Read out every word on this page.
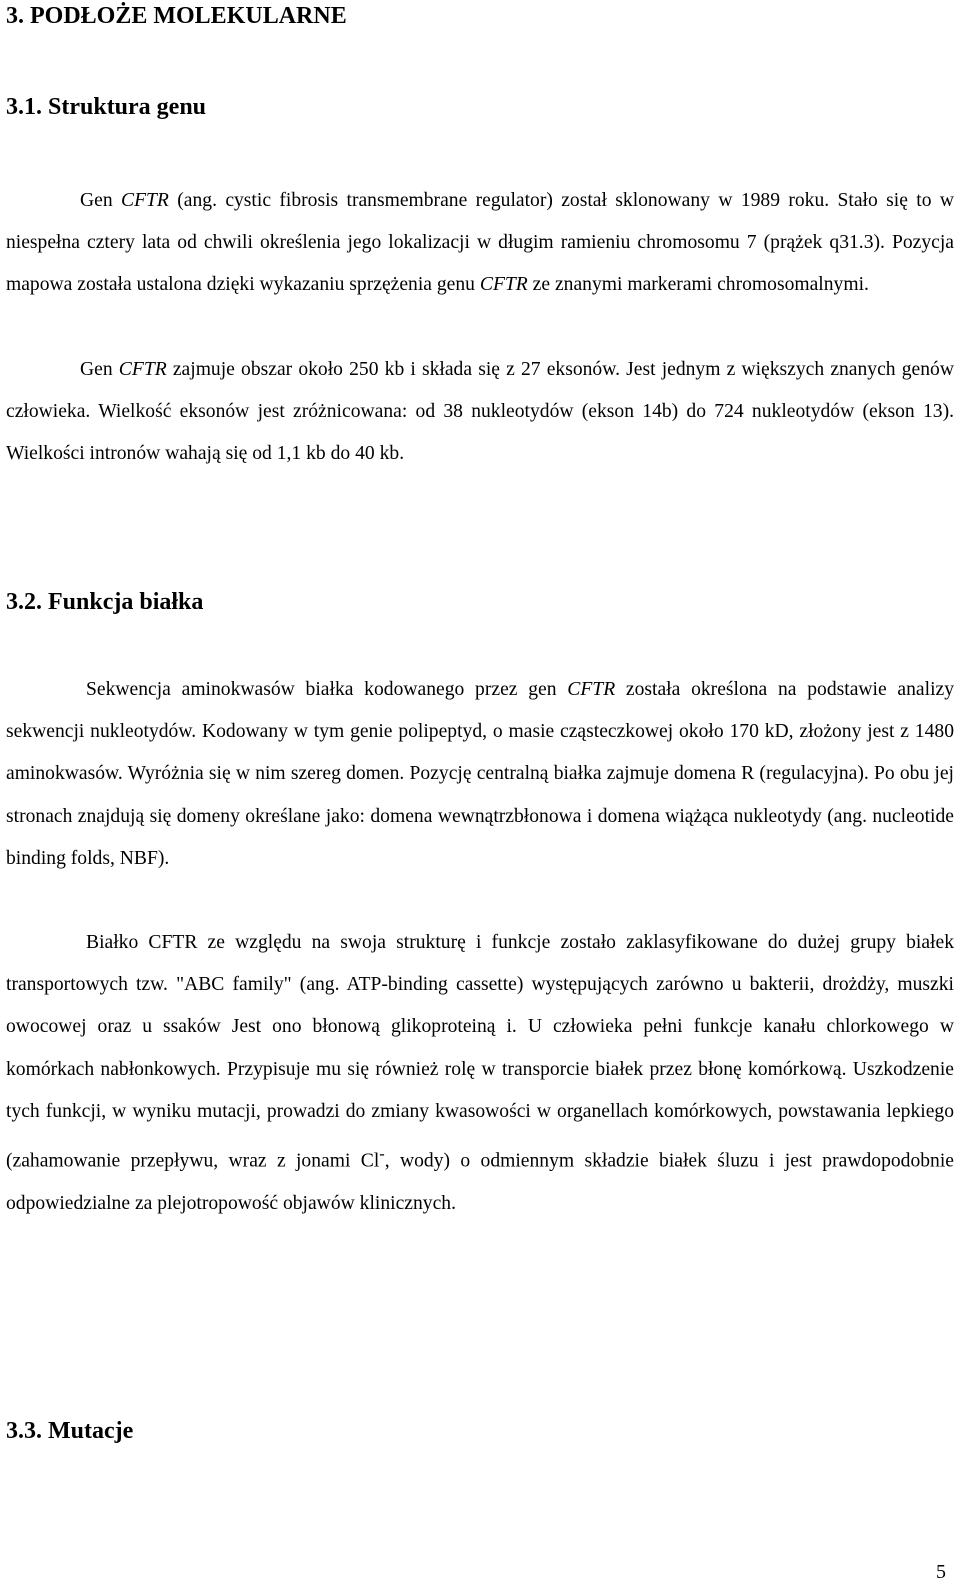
3. PODŁOŻE MOLEKULARNE
3.1. Struktura genu

Gen CFTR (ang. cystic fibrosis transmembrane regulator) został sklonowany w 1989 roku. Stało się to w niespełna cztery lata od chwili określenia jego lokalizacji w długim ramieniu chromosomu 7 (prążek q31.3). Pozycja mapowa została ustalona dzięki wykazaniu sprzężenia genu CFTR ze znanymi markerami chromosomalnymi.

Gen CFTR zajmuje obszar około 250 kb i składa się z 27 eksonów. Jest jednym z większych znanych genów człowieka. Wielkość eksonów jest zróżnicowana: od 38 nukleotydów (ekson 14b) do 724 nukleotydów (ekson 13). Wielkości intronów wahają się od 1,1 kb do 40 kb.

3.2. Funkcja białka

Sekwencja aminokwasów białka kodowanego przez gen CFTR została określona na podstawie analizy sekwencji nukleotydów. Kodowany w tym genie polipeptyd, o masie cząsteczkowej około 170 kD, złożony jest z 1480 aminokwasów. Wyróżnia się w nim szereg domen. Pozycję centralną białka zajmuje domena R (regulacyjna). Po obu jej stronach znajdują się domeny określane jako: domena wewnątrzbłonowa i domena wiążąca nukleotydy (ang. nucleotide binding folds, NBF).

Białko CFTR ze względu na swoja strukturę i funkcje zostało zaklasyfikowane do dużej grupy białek transportowych tzw. "ABC family" (ang. ATP-binding cassette) występujących zarówno u bakterii, drożdży, muszki owocowej oraz u ssaków Jest ono błonową glikoproteiną i. U człowieka pełni funkcje kanału chlorkowego w komórkach nabłonkowych. Przypisuje mu się również rolę w transporcie białek przez błonę komórkową. Uszkodzenie tych funkcji, w wyniku mutacji, prowadzi do zmiany kwasowości w organellach komórkowych, powstawania lepkiego (zahamowanie przepływu, wraz z jonami Cl-, wody) o odmiennym składzie białek śluzu i jest prawdopodobnie odpowiedzialne za plejotropowość objawów klinicznych.

3.3. Mutacje
5
